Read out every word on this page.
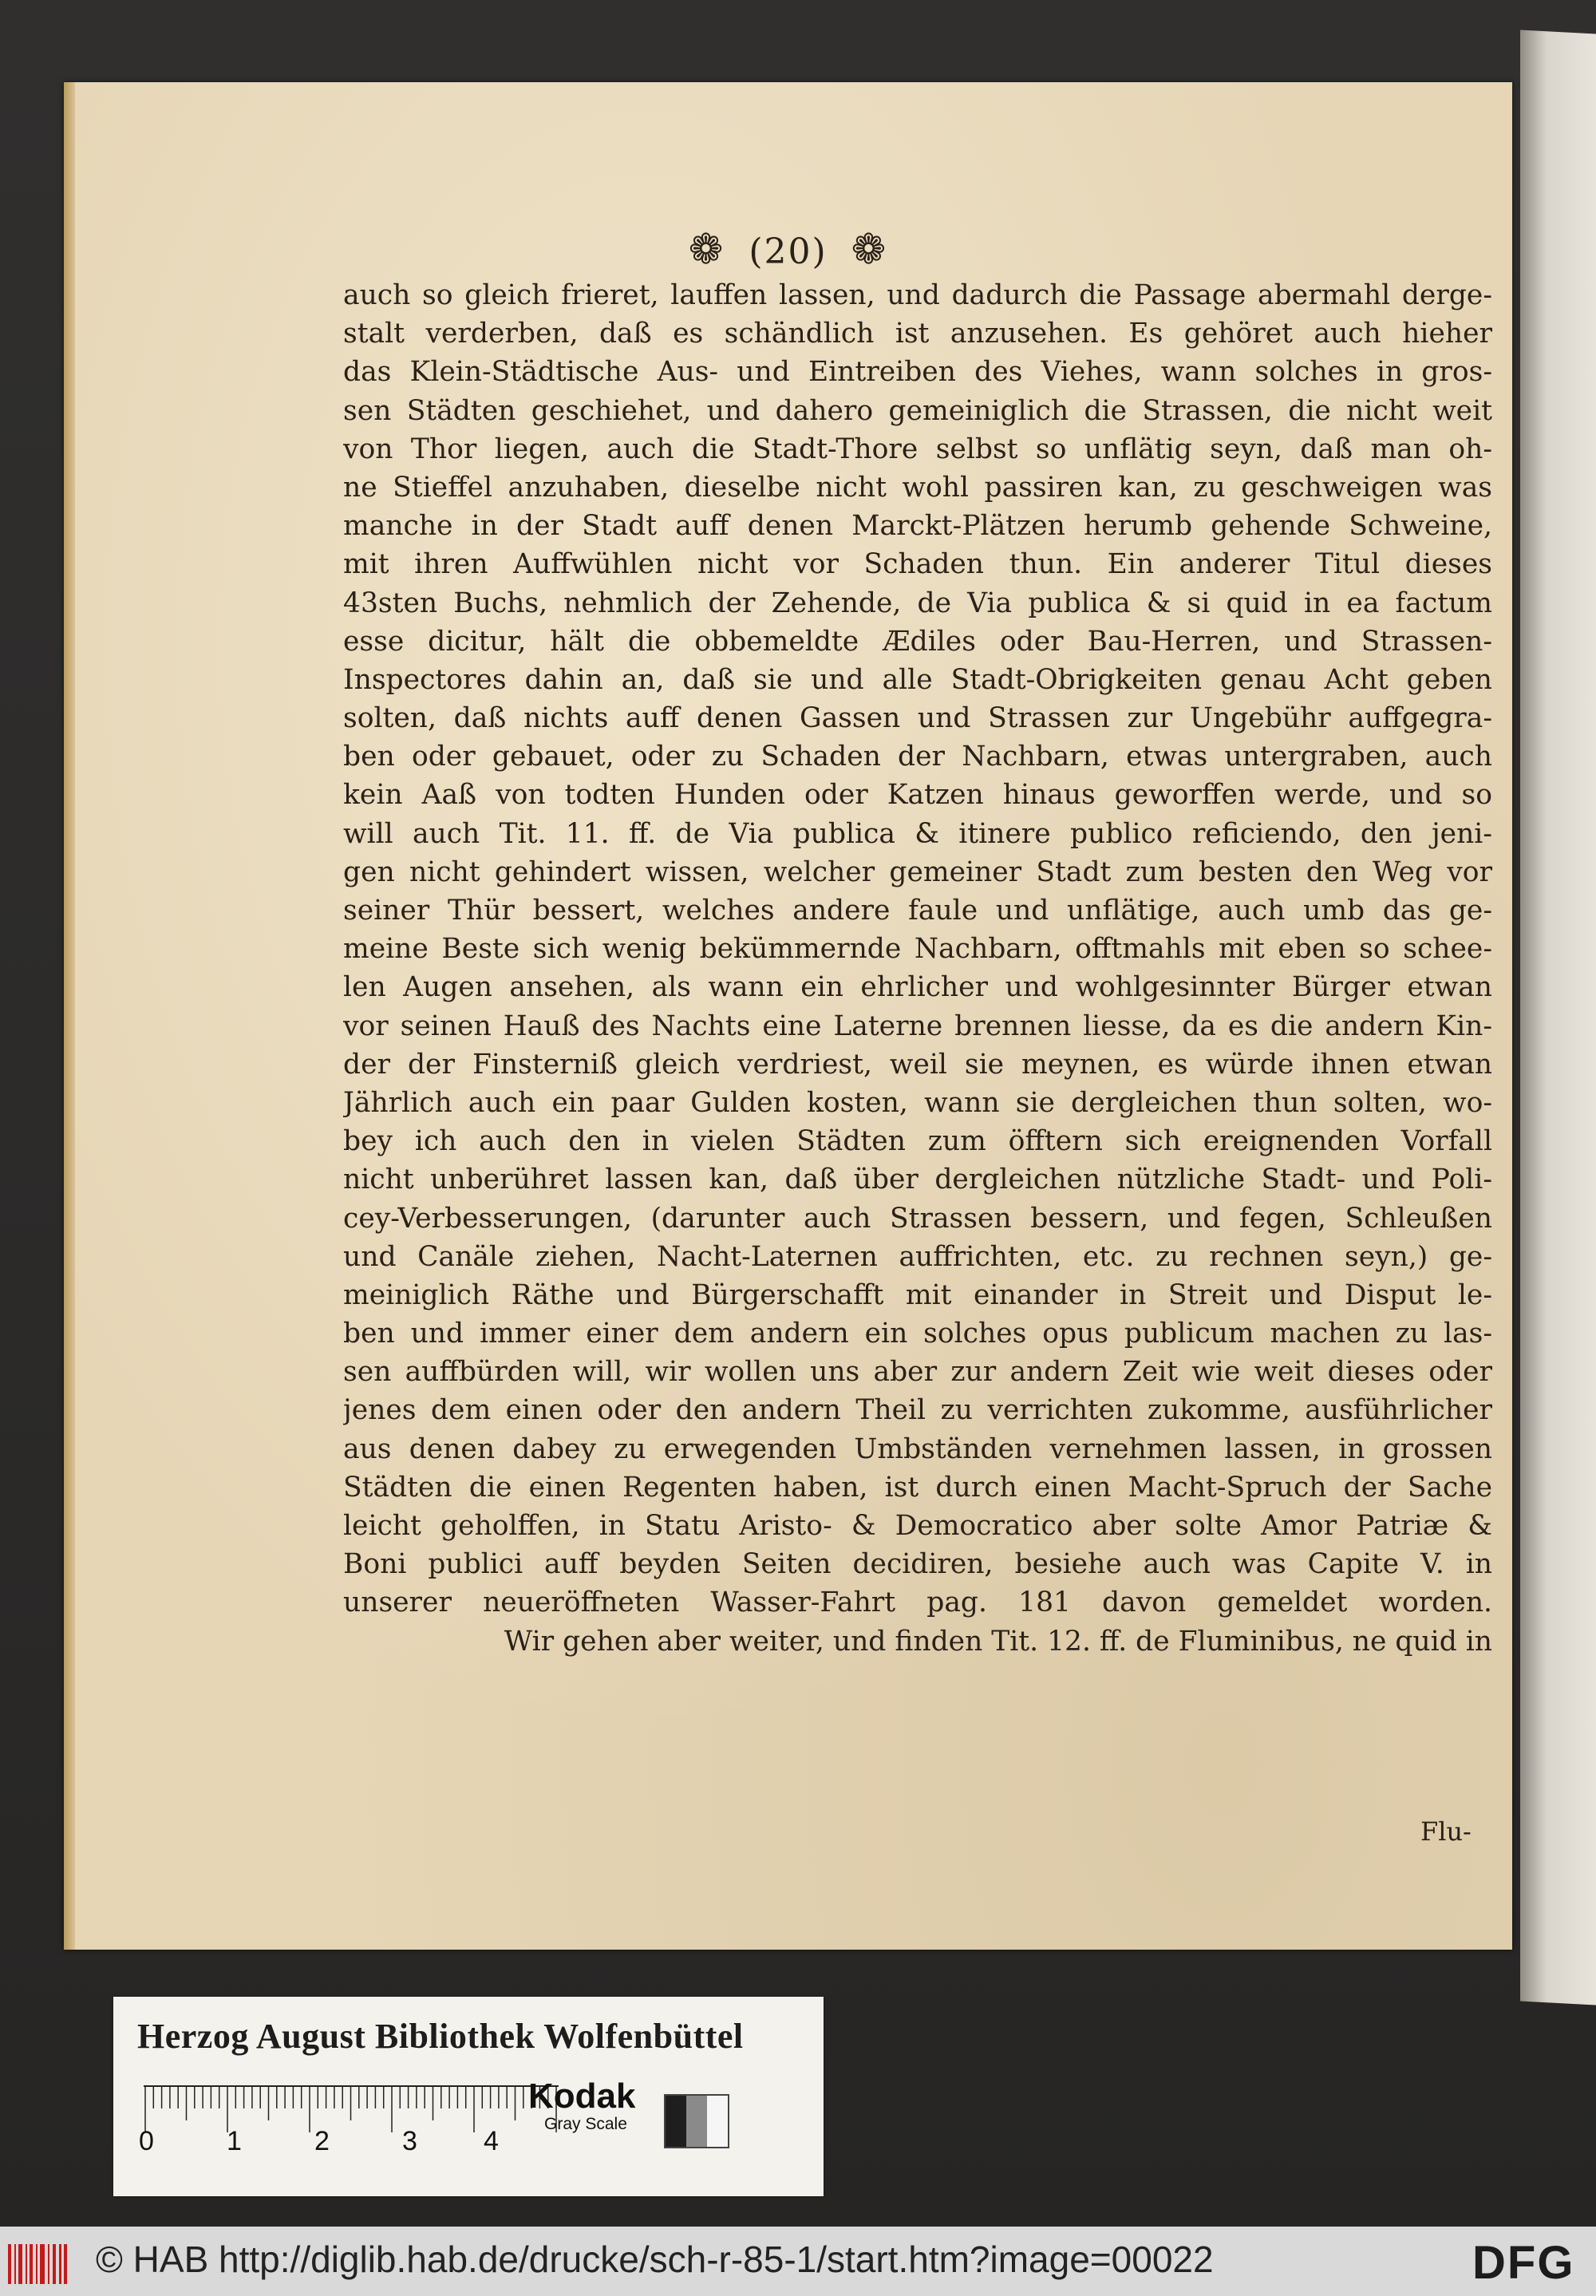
❁ (20) ❁
auch so gleich frieret, lauffen lassen, und dadurch die Passage abermahl derge-
stalt verderben, daß es schändlich ist anzusehen. Es gehöret auch hieher
das Klein-Städtische Aus- und Eintreiben des Viehes, wann solches in gros-
sen Städten geschiehet, und dahero gemeiniglich die Strassen, die nicht weit
von Thor liegen, auch die Stadt-Thore selbst so unflätig seyn, daß man oh-
ne Stieffel anzuhaben, dieselbe nicht wohl passiren kan, zu geschweigen was
manche in der Stadt auff denen Marckt-Plätzen herumb gehende Schweine,
mit ihren Auffwühlen nicht vor Schaden thun. Ein anderer Titul dieses
43sten Buchs, nehmlich der Zehende, de Via publica & si quid in ea factum
esse dicitur, hält die obbemeldte Ædiles oder Bau-Herren, und Strassen-
Inspectores dahin an, daß sie und alle Stadt-Obrigkeiten genau Acht geben
solten, daß nichts auff denen Gassen und Strassen zur Ungebühr auffgegra-
ben oder gebauet, oder zu Schaden der Nachbarn, etwas untergraben, auch
kein Aaß von todten Hunden oder Katzen hinaus geworffen werde, und so
will auch Tit. 11. ff. de Via publica & itinere publico reficiendo, den jeni-
gen nicht gehindert wissen, welcher gemeiner Stadt zum besten den Weg vor
seiner Thür bessert, welches andere faule und unflätige, auch umb das ge-
meine Beste sich wenig bekümmernde Nachbarn, offtmahls mit eben so schee-
len Augen ansehen, als wann ein ehrlicher und wohlgesinnter Bürger etwan
vor seinen Hauß des Nachts eine Laterne brennen liesse, da es die andern Kin-
der der Finsterniß gleich verdriest, weil sie meynen, es würde ihnen etwan
Jährlich auch ein paar Gulden kosten, wann sie dergleichen thun solten, wo-
bey ich auch den in vielen Städten zum öfftern sich ereignenden Vorfall
nicht unberühret lassen kan, daß über dergleichen nützliche Stadt- und Poli-
cey-Verbesserungen, (darunter auch Strassen bessern, und fegen, Schleußen
und Canäle ziehen, Nacht-Laternen auffrichten, etc. zu rechnen seyn,) ge-
meiniglich Räthe und Bürgerschafft mit einander in Streit und Disput le-
ben und immer einer dem andern ein solches opus publicum machen zu las-
sen auffbürden will, wir wollen uns aber zur andern Zeit wie weit dieses oder
jenes dem einen oder den andern Theil zu verrichten zukomme, ausführlicher
aus denen dabey zu erwegenden Umbständen vernehmen lassen, in grossen
Städten die einen Regenten haben, ist durch einen Macht-Spruch der Sache
leicht geholffen, in Statu Aristo- & Democratico aber solte Amor Patriæ &
Boni publici auff beyden Seiten decidiren, besiehe auch was Capite V. in
unserer neueröffneten Wasser-Fahrt pag. 181 davon gemeldet worden.
Wir gehen aber weiter, und finden Tit. 12. ff. de Fluminibus, ne quid in
Flu-
Herzog August Bibliothek Wolfenbüttel
0	1	2	3 4
Kodak
Gray Scale
© HAB http://diglib.hab.de/drucke/sch-r-85-1/start.htm?image=00022	DFG
